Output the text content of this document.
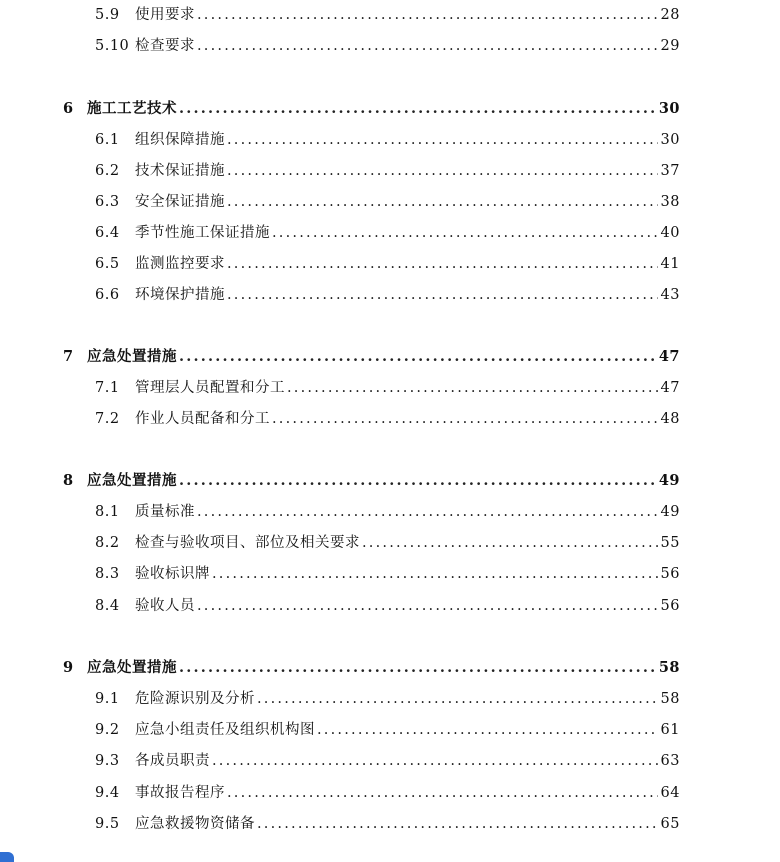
5.9	使用要求 .....	28
5.10 检查要求 .....	29
6 施工工艺技术 .....	30
6.1	组织保障措施 .....	30
6.2	技术保证措施 .....	37
6.3	安全保证措施 .....	38
6.4	季节性施工保证措施 .....	40
6.5	监测监控要求 .....	41
6.6	环境保护措施 .....	43
7 应急处置措施 .....	47
7.1	管理层人员配置和分工 .....	47
7.2	作业人员配备和分工 .....	48
8 应急处置措施 .....	49
8.1	质量标准 .....	49
8.2	检查与验收项目、部位及相关要求 .....	55
8.3	验收标识牌 .....	56
8.4	验收人员 .....	56
9 应急处置措施 .....	58
9.1	危险源识别及分析 .....	58
9.2	应急小组责任及组织机构图 .....	61
9.3	各成员职责 .....	63
9.4	事故报告程序 .....	64
9.5	应急救援物资储备 .....	65
